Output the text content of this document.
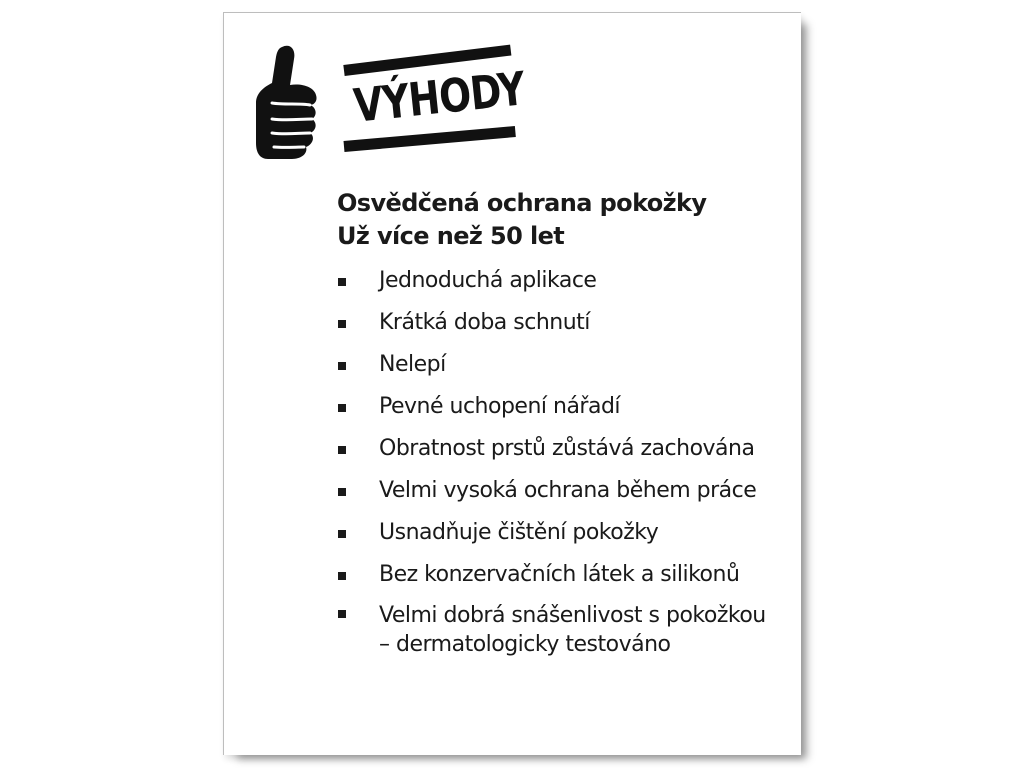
VÝHODY
Osvědčená ochrana pokožky
Už více než 50 let
Jednoduchá aplikace
Krátká doba schnutí
Nelepí
Pevné uchopení nářadí
Obratnost prstů zůstává zachována
Velmi vysoká ochrana během práce
Usnadňuje čištění pokožky
Bez konzervačních látek a silikonů
Velmi dobrá snášenlivost s pokožkou
– dermatologicky testováno
